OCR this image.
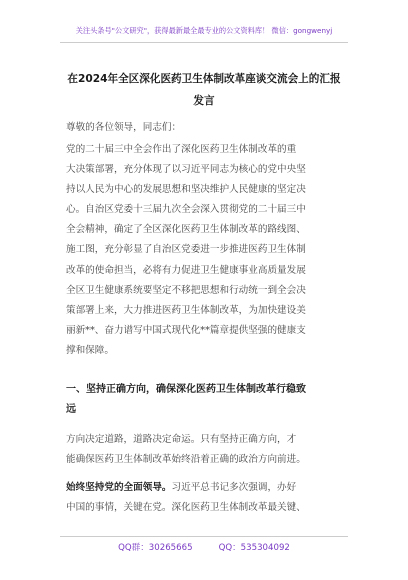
关注头条号"公文研究"，获得最新最全最专业的公文资料库！ 微信：gongwenyj
在2024年全区深化医药卫生体制改革座谈交流会上的汇报
发言
尊敬的各位领导，同志们：
党的二十届三中全会作出了深化医药卫生体制改革的重
大决策部署，充分体现了以习近平同志为核心的党中央坚
持以人民为中心的发展思想和坚决维护人民健康的坚定决
心。自治区党委十三届九次全会深入贯彻党的二十届三中
全会精神，确定了全区深化医药卫生体制改革的路线图、
施工图，充分彰显了自治区党委进一步推进医药卫生体制
改革的使命担当，必将有力促进卫生健康事业高质量发展
全区卫生健康系统要坚定不移把思想和行动统一到全会决
策部署上来，大力推进医药卫生体制改革，为加快建设美
丽新**、奋力谱写中国式现代化**篇章提供坚强的健康支
撑和保障。
一、坚持正确方向，确保深化医药卫生体制改革行稳致
远
方向决定道路，道路决定命运。只有坚持正确方向，才
能确保医药卫生体制改革始终沿着正确的政治方向前进。
始终坚持党的全面领导。习近平总书记多次强调，办好
中国的事情，关键在党。深化医药卫生体制改革最关键、
QQ群：30265665	QQ：535304092
